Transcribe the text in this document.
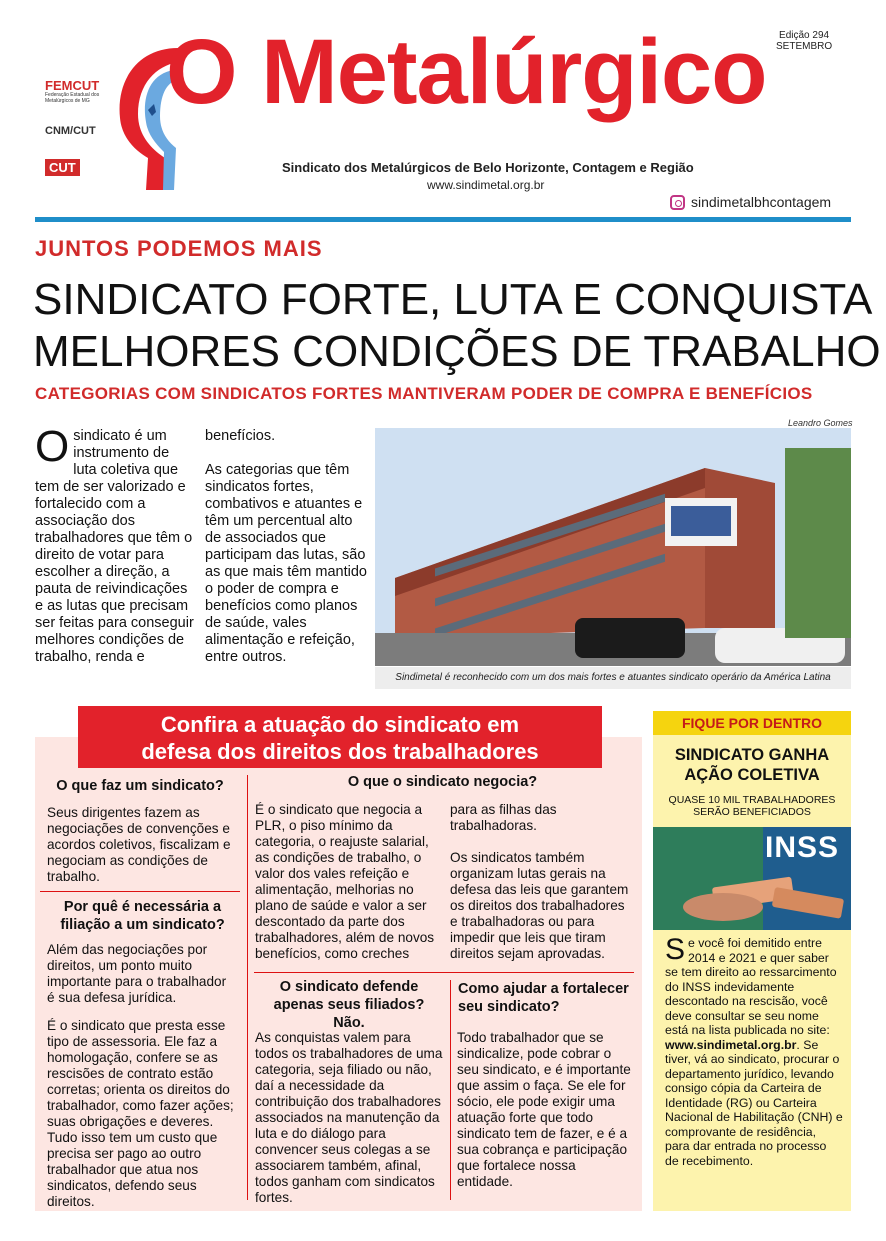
FEMCUT
Federação Estadual dos Metalúrgicos de MG
CNM/CUT
CUT
O Metalúrgico	Edição 294
SETEMBRO
Sindicato dos Metalúrgicos de Belo Horizonte, Contagem e Região
www.sindimetal.org.br
sindimetalbhcontagem
JUNTOS PODEMOS MAIS
SINDICATO FORTE, LUTA E CONQUISTA
MELHORES CONDIÇÕES DE TRABALHO
CATEGORIAS COM SINDICATOS FORTES MANTIVERAM PODER DE COMPRA E BENEFÍCIOS
O sindicato é um instrumento de luta coletiva que tem de ser valorizado e fortalecido com a associação dos trabalhadores que têm o direito de votar para escolher a direção, a pauta de reivindicações e as lutas que precisam ser feitas para conseguir melhores condições de trabalho, renda e

benefícios.

As categorias que têm sindicatos fortes, combativos e atuantes e têm um percentual alto de associados que participam das lutas, são as que mais têm mantido o poder de compra e benefícios como planos de saúde, vales alimentação e refeição, entre outros.

Leandro Gomes
Sindimetal é reconhecido com um dos mais fortes e atuantes sindicato operário da América Latina
Confira a atuação do sindicato em
defesa dos direitos dos trabalhadores
O que faz um sindicato?
Seus dirigentes fazem as negociações de convenções e acordos coletivos, fiscalizam e negociam as condições de trabalho.
Por quê é necessária a filiação a um sindicato?
Além das negociações por direitos, um ponto muito importante para o trabalhador é sua defesa jurídica.
É o sindicato que presta esse tipo de assessoria. Ele faz a homologação, confere se as rescisões de contrato estão corretas; orienta os direitos do trabalhador, como fazer ações; suas obrigações e deveres. Tudo isso tem um custo que precisa ser pago ao outro trabalhador que atua nos sindicatos, defendo seus direitos.
O que o sindicato negocia?
É o sindicato que negocia a PLR, o piso mínimo da categoria, o reajuste salarial, as condições de trabalho, o valor dos vales refeição e alimentação, melhorias no plano de saúde e valor a ser descontado da parte dos trabalhadores, além de novos benefícios, como creches
para as filhas das trabalhadoras.
Os sindicatos também organizam lutas gerais na defesa das leis que garantem os direitos dos trabalhadores e trabalhadoras ou para impedir que leis que tiram direitos sejam aprovadas.
O sindicato defende apenas seus filiados? Não.
As conquistas valem para todos os trabalhadores de uma categoria, seja filiado ou não, daí a necessidade da contribuição dos trabalhadores associados na manutenção da luta e do diálogo para convencer seus colegas a se associarem também, afinal, todos ganham com sindicatos fortes.
Como ajudar a fortalecer seu sindicato?
Todo trabalhador que se sindicalize, pode cobrar o seu sindicato, e é importante que assim o faça. Se ele for sócio, ele pode exigir uma atuação forte que todo sindicato tem de fazer, e é a sua cobrança e participação que fortalece nossa entidade.
FIQUE POR DENTRO
SINDICATO GANHA AÇÃO COLETIVA
QUASE 10 MIL TRABALHADORES SERÃO BENEFICIADOS
INSS
S e você foi demitido entre 2014 e 2021 e quer saber se tem direito ao ressarcimento do INSS indevidamente descontado na rescisão, você deve consultar se seu nome está na lista publicada no site: www.sindimetal.org.br. Se tiver, vá ao sindicato, procurar o departamento jurídico, levando consigo cópia da Carteira de Identidade (RG) ou Carteira Nacional de Habilitação (CNH) e comprovante de residência, para dar entrada no processo de recebimento.
